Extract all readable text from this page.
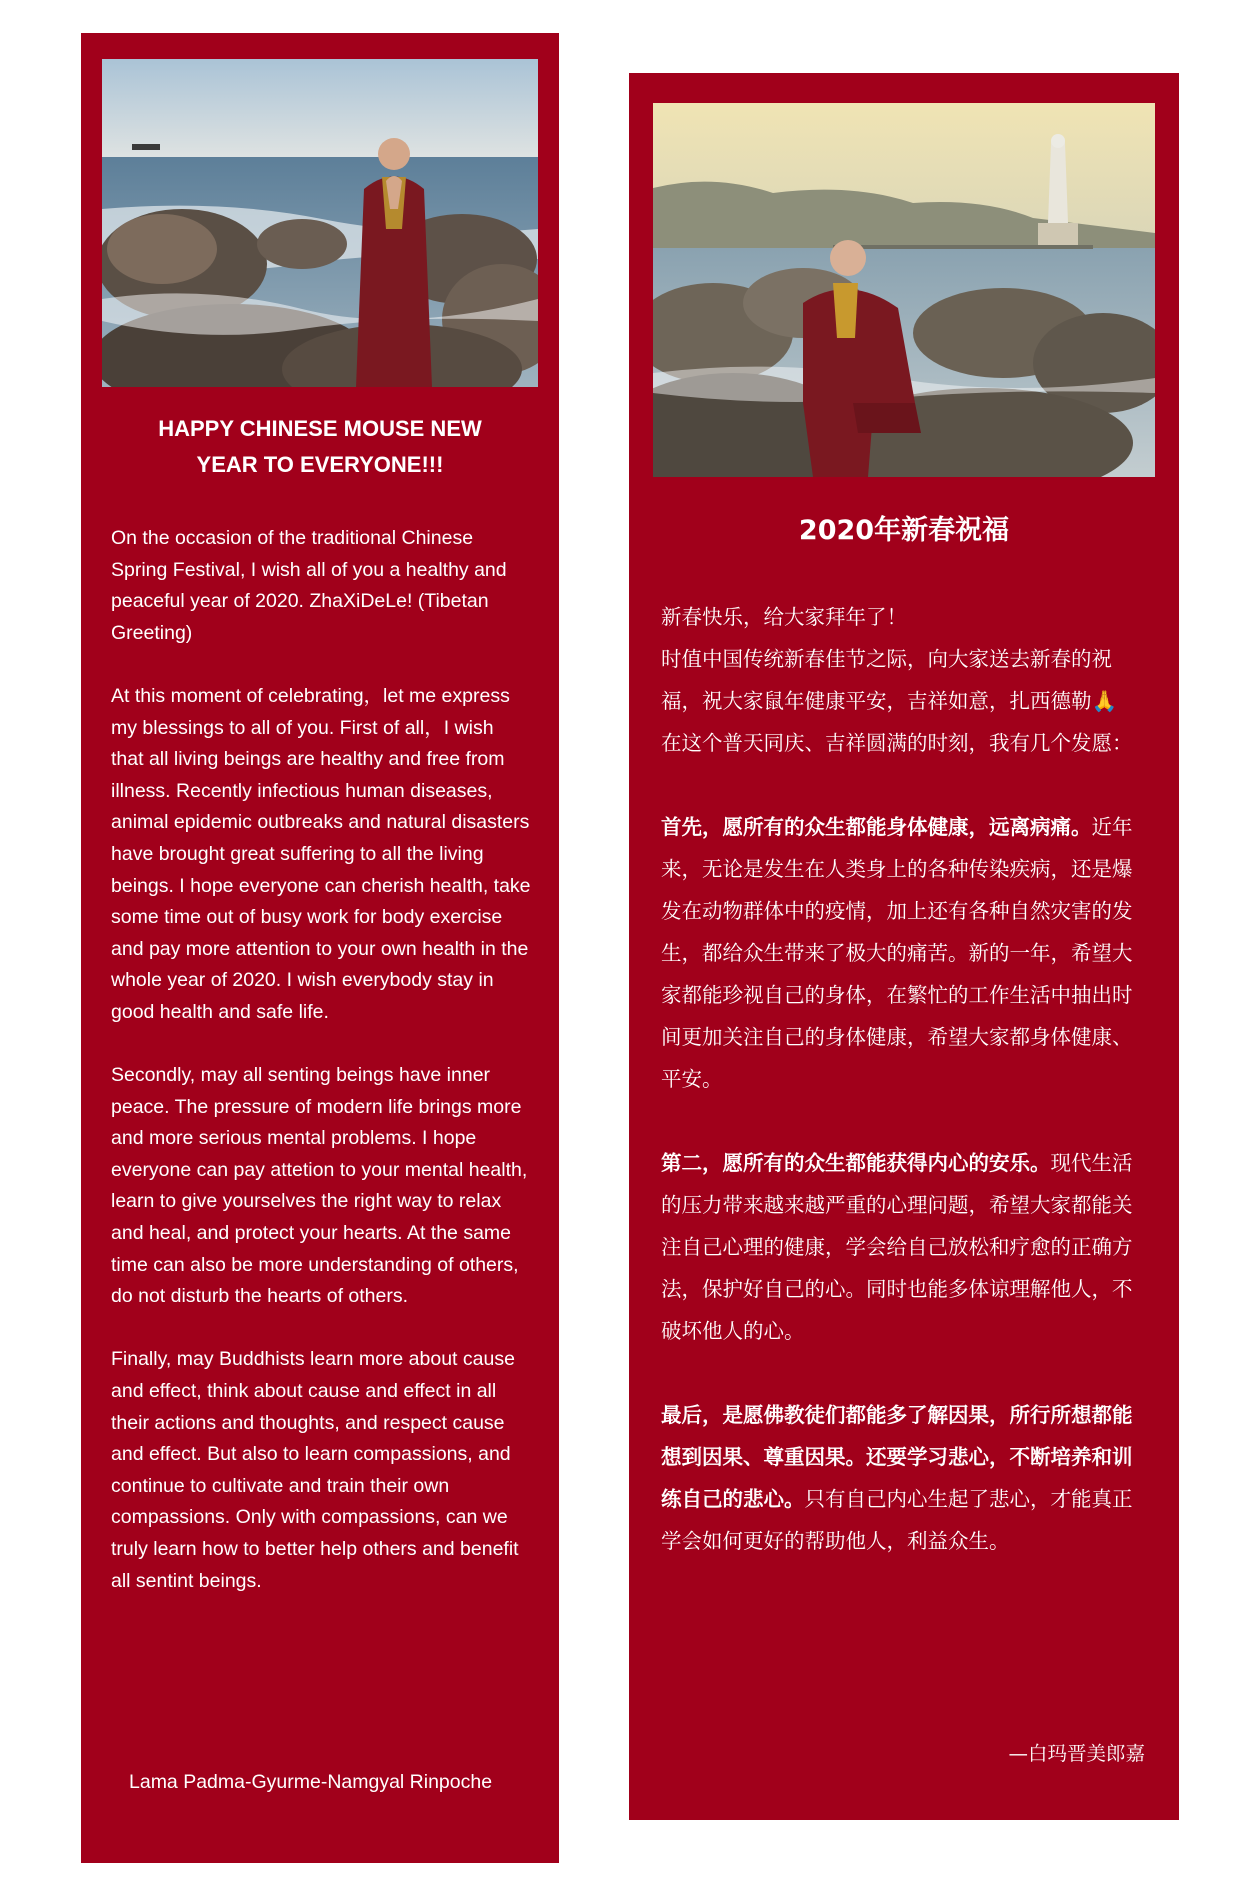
HAPPY CHINESE MOUSE NEW
YEAR TO EVERYONE!!!

On the occasion of the traditional Chinese Spring Festival, I wish all of you a healthy and peaceful year of 2020. ZhaXiDeLe! (Tibetan Greeting)

At this moment of celebrating，let me express my blessings to all of you. First of all，I wish that all living beings are healthy and free from illness. Recently infectious human diseases, animal epidemic outbreaks and natural disasters have brought great suffering to all the living beings. I hope everyone can cherish health, take some time out of busy work for body exercise and pay more attention to your own health in the whole year of 2020. I wish everybody stay in good health and safe life.

Secondly, may all senting beings have inner peace. The pressure of modern life brings more and more serious mental problems. I hope everyone can pay attetion to your mental health, learn to give yourselves the right way to relax and heal, and protect your hearts. At the same time can also be more understanding of others, do not disturb the hearts of others.

Finally, may Buddhists learn more about cause and effect, think about cause and effect in all their actions and thoughts, and respect cause and effect. But also to learn compassions, and continue to cultivate and train their own compassions. Only with compassions, can we truly learn how to better help others and benefit all sentint beings.

Lama Padma-Gyurme-Namgyal Rinpoche
2020年新春祝福

新春快乐，给大家拜年了！

时值中国传统新春佳节之际，向大家送去新春的祝福，祝大家鼠年健康平安，吉祥如意，扎西德勒🙏

在这个普天同庆、吉祥圆满的时刻，我有几个发愿：

首先，愿所有的众生都能身体健康，远离病痛。近年来，无论是发生在人类身上的各种传染疾病，还是爆发在动物群体中的疫情，加上还有各种自然灾害的发生，都给众生带来了极大的痛苦。新的一年，希望大家都能珍视自己的身体，在繁忙的工作生活中抽出时间更加关注自己的身体健康，希望大家都身体健康、平安。

第二，愿所有的众生都能获得内心的安乐。现代生活的压力带来越来越严重的心理问题，希望大家都能关注自己心理的健康，学会给自己放松和疗愈的正确方法，保护好自己的心。同时也能多体谅理解他人，不破坏他人的心。

最后，是愿佛教徒们都能多了解因果，所行所想都能想到因果、尊重因果。还要学习悲心，不断培养和训练自己的悲心。只有自己内心生起了悲心，才能真正学会如何更好的帮助他人，利益众生。

—白玛晋美郎嘉
